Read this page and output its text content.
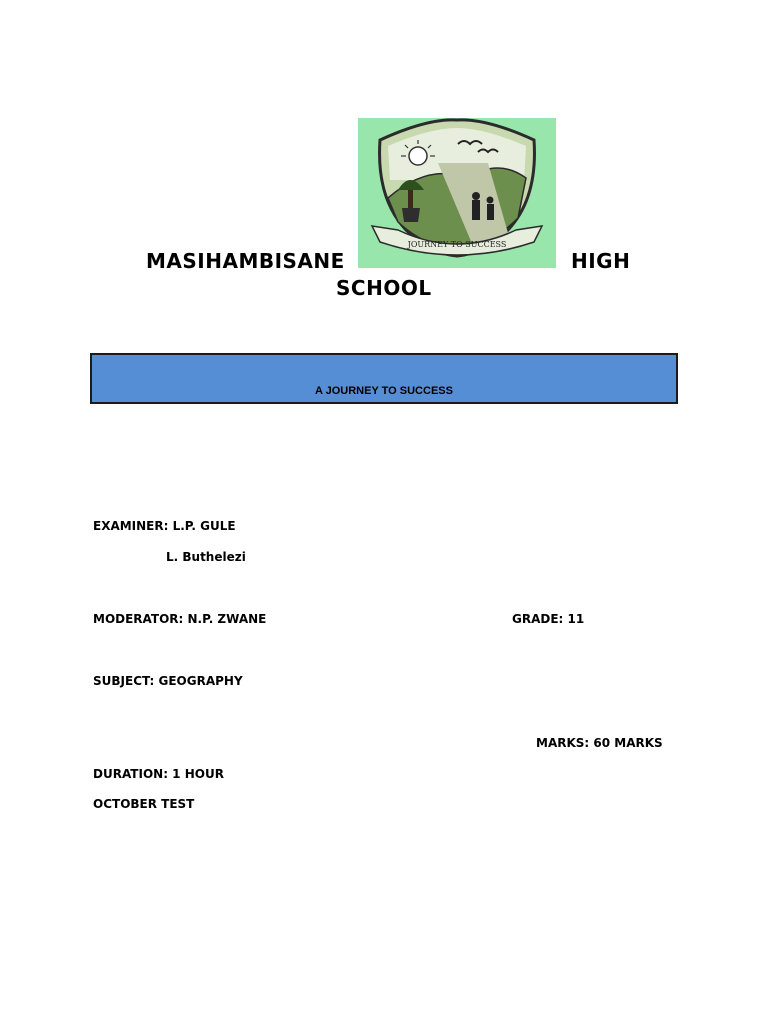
MASIHAMBISANE
JOURNEY TO SUCCESS
HIGH
SCHOOL
A JOURNEY TO SUCCESS
EXAMINER: L.P. GULE
L. Buthelezi
MODERATOR: N.P. ZWANE	GRADE: 11
SUBJECT: GEOGRAPHY
MARKS: 60 MARKS
DURATION: 1 HOUR
OCTOBER TEST
